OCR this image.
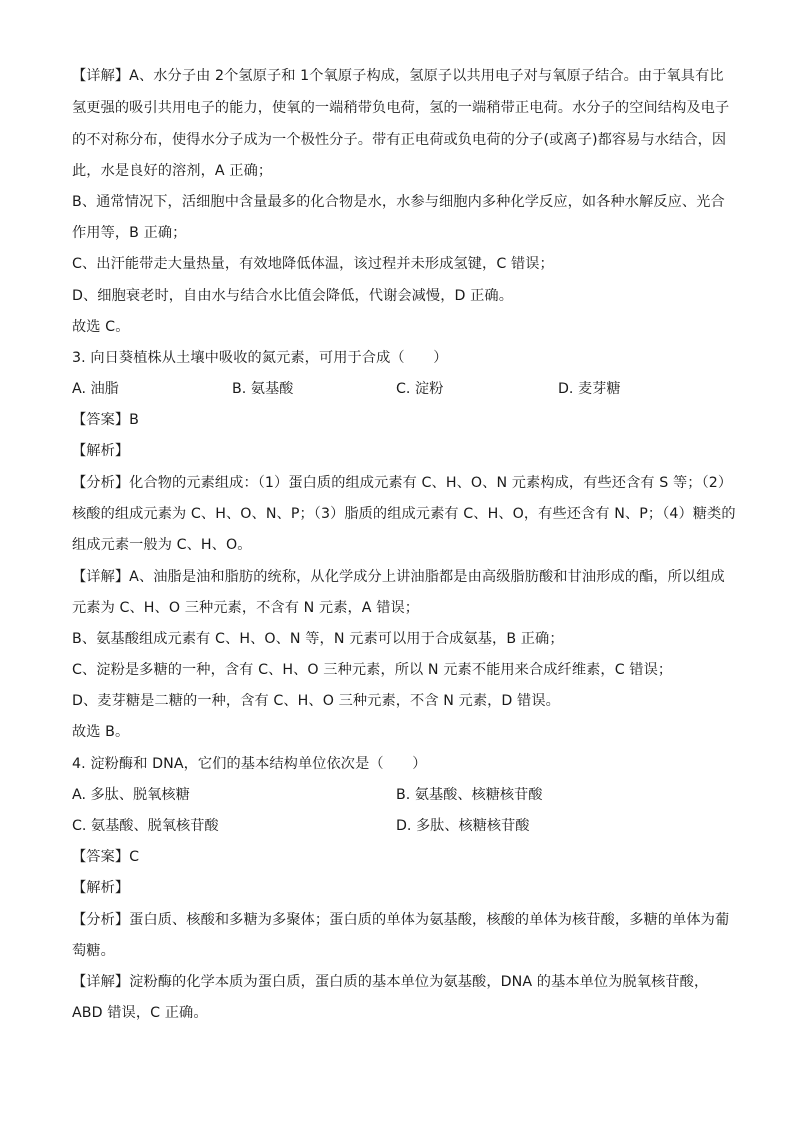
【详解】A、水分子由 2个氢原子和 1个氧原子构成，氢原子以共用电子对与氧原子结合。由于氧具有比
氢更强的吸引共用电子的能力，使氧的一端稍带负电荷，氢的一端稍带正电荷。水分子的空间结构及电子
的不对称分布，使得水分子成为一个极性分子。带有正电荷或负电荷的分子(或离子)都容易与水结合，因
此，水是良好的溶剂，A 正确；
B、通常情况下，活细胞中含量最多的化合物是水，水参与细胞内多种化学反应，如各种水解反应、光合
作用等，B 正确；
C、出汗能带走大量热量，有效地降低体温，该过程并未形成氢键，C 错误；
D、细胞衰老时，自由水与结合水比值会降低，代谢会减慢，D 正确。
故选 C。
3. 向日葵植株从土壤中吸收的氮元素，可用于合成（　　）
A. 油脂	B. 氨基酸	C. 淀粉	D. 麦芽糖
【答案】B
【解析】
【分析】化合物的元素组成：（1）蛋白质的组成元素有 C、H、O、N 元素构成，有些还含有 S 等；（2）
核酸的组成元素为 C、H、O、N、P；（3）脂质的组成元素有 C、H、O，有些还含有 N、P；（4）糖类的
组成元素一般为 C、H、O。
【详解】A、油脂是油和脂肪的统称，从化学成分上讲油脂都是由高级脂肪酸和甘油形成的酯，所以组成
元素为 C、H、O 三种元素，不含有 N 元素，A 错误；
B、氨基酸组成元素有 C、H、O、N 等，N 元素可以用于合成氨基，B 正确；
C、淀粉是多糖的一种，含有 C、H、O 三种元素，所以 N 元素不能用来合成纤维素，C 错误；
D、麦芽糖是二糖的一种，含有 C、H、O 三种元素，不含 N 元素，D 错误。
故选 B。
4. 淀粉酶和 DNA，它们的基本结构单位依次是（　　）
A. 多肽、脱氧核糖	B. 氨基酸、核糖核苷酸
C. 氨基酸、脱氧核苷酸	D. 多肽、核糖核苷酸
【答案】C
【解析】
【分析】蛋白质、核酸和多糖为多聚体；蛋白质的单体为氨基酸，核酸的单体为核苷酸，多糖的单体为葡
萄糖。
【详解】淀粉酶的化学本质为蛋白质，蛋白质的基本单位为氨基酸，DNA 的基本单位为脱氧核苷酸，
ABD 错误，C 正确。
